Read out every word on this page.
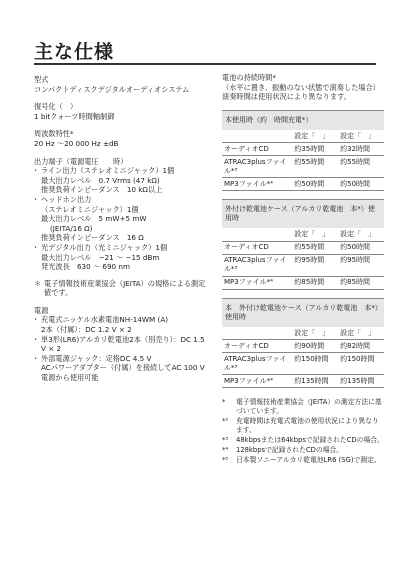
主な仕様
型式
コンパクトディスクデジタルオーディオシステム
復号化（　）
1 bitクォーツ時間軸制御
周波数特性*
20 Hz ～20 000 Hz ±dB
出力端子（電源電圧　　時）
・ ライン出力（ステレオミニジャック）1個
最大出力レベル　0.7 Vrms (47 kΩ)
推奨負荷インピーダンス　10 kΩ以上
・ ヘッドホン出力
（ステレオミニジャック）1個
最大出力レベル　5 mW+5 mW
(JEITA/16 Ω)
推奨負荷インピーダンス　16 Ω
・ 光デジタル出力（光ミニジャック）1個
最大出力レベル　−21 ～ −15 dBm
発光波長　630 ～ 690 nm
＊ 電子情報技術産業協会（JEITA）の規格による測定値です。
電源
・ 充電式ニッケル水素電池NH-14WM (A)
2本（付属）：DC 1.2 V × 2
・ 単3形(LR6)アルカリ乾電池2本（別売り）：DC 1.5 V × 2
・ 外部電源ジャック：定格DC 4.5 V
ACパワーアダプター（付属）を接続してAC 100 V電源から使用可能
電池の持続時間*
（水平に置き、振動のない状態で演奏した場合）
演奏時間は使用状況により異なります。
本使用時（約　時間充電*）		
	設定「　」	設定「　」
オーディオCD	約35時間	約32時間
ATRAC3plusファイル*³	約55時間	約55時間
MP3ファイル*⁴	約50時間	約50時間
外付け乾電池ケース（アルカリ乾電池　本*）使用時		
	設定「　」	設定「　」
オーディオCD	約55時間	約50時間
ATRAC3plusファイル*³	約95時間	約95時間
MP3ファイル*⁴	約85時間	約85時間
本　外付け乾電池ケース（アルカリ乾電池　本*）使用時		
	設定「　」	設定「　」
オーディオCD	約90時間	約82時間
ATRAC3plusファイル*³	約150時間	約150時間
MP3ファイル*⁴	約135時間	約135時間
* 電子情報技術産業協会（JEITA）の測定方法に基づいています。
*² 充電時間は充電式電池の使用状況により異なります。
*³ 48kbpsまたは64kbpsで記録されたCDの場合。
*⁴ 128kbpsで記録されたCDの場合。
*⁵ 日本製ソニーアルカリ乾電池LR6 (SG)で測定。
